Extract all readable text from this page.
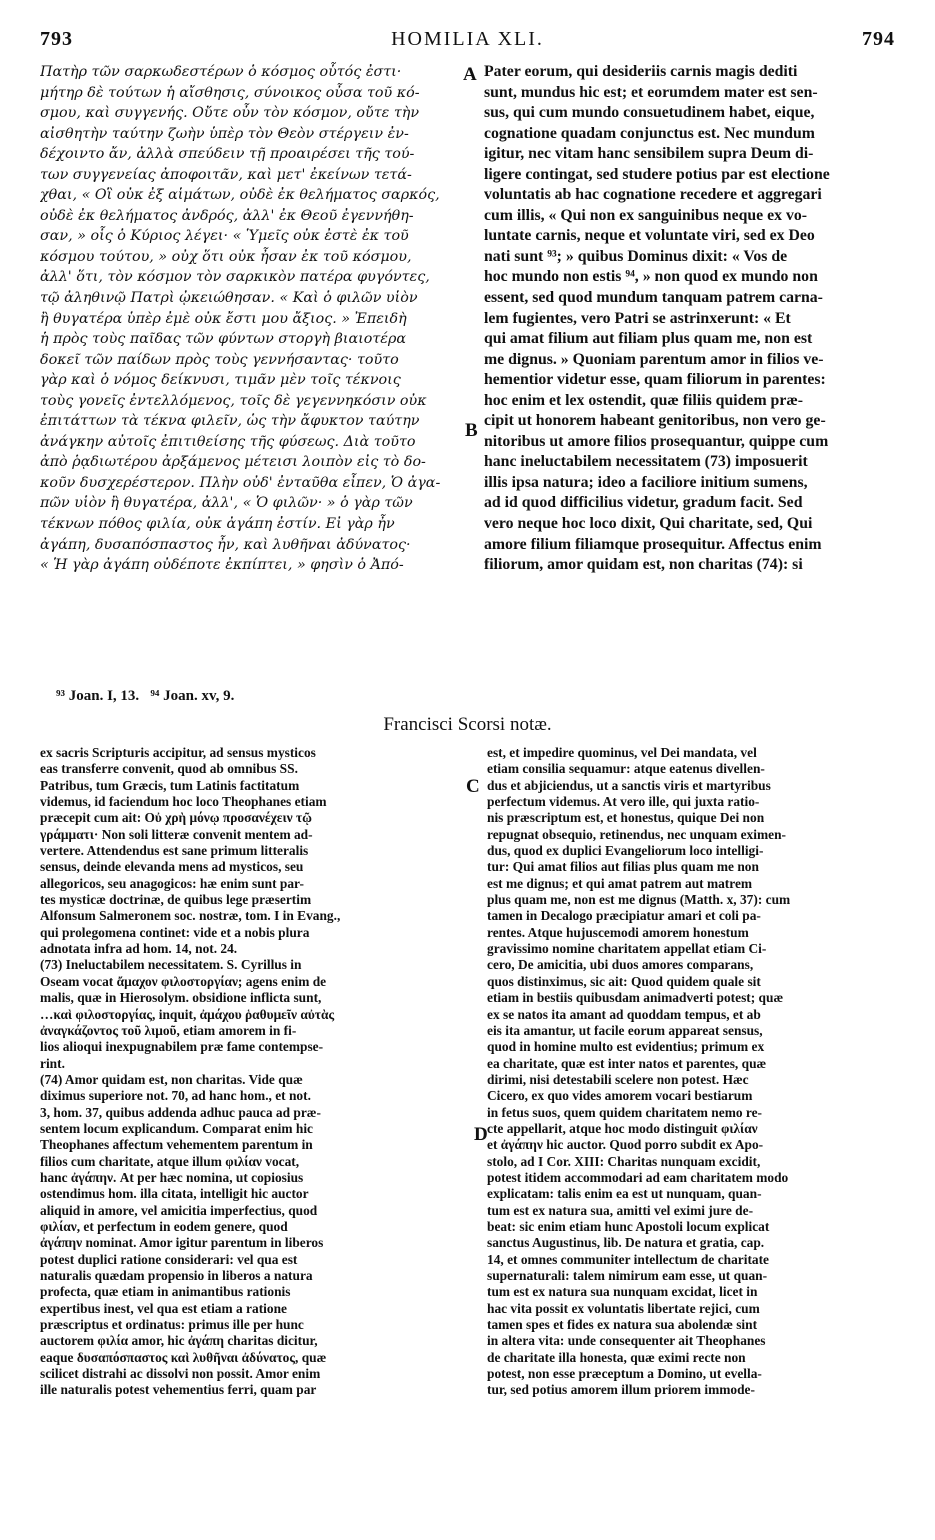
793	HOMILIA XLI.	794
Πατὴρ τῶν σαρκωδεστέρων ὁ κόσμος οὗτός ἐστι·
μήτηρ δὲ τούτων ἡ αἴσθησις, σύνοικος οὖσα τοῦ κό-
σμου, καὶ συγγενής. Οὔτε οὖν τὸν κόσμον, οὔτε τὴν
αἰσθητὴν ταύτην ζωὴν ὑπὲρ τὸν Θεὸν στέργειν ἐν-
δέχοιντο ἄν, ἀλλὰ σπεύδειν τῇ προαιρέσει τῆς τού-
των συγγενείας ἀποφοιτᾶν, καὶ μετ' ἐκείνων τετά-
χθαι, « Οἳ οὐκ ἐξ αἱμάτων, οὐδὲ ἐκ θελήματος σαρκός,
οὐδὲ ἐκ θελήματος ἀνδρός, ἀλλ' ἐκ Θεοῦ ἐγεννήθη-
σαν, » οἷς ὁ Κύριος λέγει· « Ὑμεῖς οὐκ ἐστὲ ἐκ τοῦ
κόσμου τούτου, » οὐχ ὅτι οὐκ ἦσαν ἐκ τοῦ κόσμου,
ἀλλ' ὅτι, τὸν κόσμον τὸν σαρκικὸν πατέρα φυγόντες,
τῷ ἀληθινῷ Πατρὶ ᾠκειώθησαν. « Καὶ ὁ φιλῶν υἱὸν
ἢ θυγατέρα ὑπὲρ ἐμὲ οὐκ ἔστι μου ἄξιος. » Ἐπειδὴ
ἡ πρὸς τοὺς παῖδας τῶν φύντων στοργὴ βιαιοτέρα
δοκεῖ τῶν παίδων πρὸς τοὺς γεννήσαντας· τοῦτο
γὰρ καὶ ὁ νόμος δείκνυσι, τιμᾶν μὲν τοῖς τέκνοις
τοὺς γονεῖς ἐντελλόμενος, τοῖς δὲ γεγεννηκόσιν οὐκ
ἐπιτάττων τὰ τέκνα φιλεῖν, ὡς τὴν ἄφυκτον ταύτην
ἀνάγκην αὐτοῖς ἐπιτιθείσης τῆς φύσεως. Διὰ τοῦτο
ἀπὸ ῥᾳδιωτέρου ἀρξάμενος μέτεισι λοιπὸν εἰς τὸ δο-
κοῦν δυσχερέστερον. Πλὴν οὐδ' ἐνταῦθα εἶπεν, Ὁ ἀγα-
πῶν υἱὸν ἢ θυγατέρα, ἀλλ', « Ὁ φιλῶν· » ὁ γὰρ τῶν
τέκνων πόθος φιλία, οὐκ ἀγάπη ἐστίν. Εἰ γὰρ ἦν
ἀγάπη, δυσαπόσπαστος ἦν, καὶ λυθῆναι ἀδύνατος·
« Ἡ γὰρ ἀγάπη οὐδέποτε ἐκπίπτει, » φησὶν ὁ Ἀπό-
Pater eorum, qui desideriis carnis magis dediti
sunt, mundus hic est; et eorumdem mater est sen-
sus, qui cum mundo consuetudinem habet, eique,
cognatione quadam conjunctus est. Nec mundum
igitur, nec vitam hanc sensibilem supra Deum di-
ligere contingat, sed studere potius par est electione
voluntatis ab hac cognatione recedere et aggregari
cum illis, « Qui non ex sanguinibus neque ex vo-
luntate carnis, neque et voluntate viri, sed ex Deo
nati sunt ⁹³; » quibus Dominus dixit: « Vos de
hoc mundo non estis ⁹⁴, » non quod ex mundo non
essent, sed quod mundum tanquam patrem carna-
lem fugientes, vero Patri se astrinxerunt: « Et
qui amat filium aut filiam plus quam me, non est
me dignus. » Quoniam parentum amor in filios ve-
hementior videtur esse, quam filiorum in parentes:
hoc enim et lex ostendit, quæ filiis quidem præ-
cipit ut honorem habeant genitoribus, non vero ge-
nitoribus ut amore filios prosequantur, quippe cum
hanc ineluctabilem necessitatem (73) imposuerit
illis ipsa natura; ideo a faciliore initium sumens,
ad id quod difficilius videtur, gradum facit. Sed
vero neque hoc loco dixit, Qui charitate, sed, Qui
amore filium filiamque prosequitur. Affectus enim
filiorum, amor quidam est, non charitas (74): si
A
B
C
D
⁹³ Joan. I, 13.   ⁹⁴ Joan. xv, 9.
Francisci Scorsi notæ.
ex sacris Scripturis accipitur, ad sensus mysticos
eas transferre convenit, quod ab omnibus SS.
Patribus, tum Græcis, tum Latinis factitatum
videmus, id faciendum hoc loco Theophanes etiam
præcepit cum ait: Οὐ χρὴ μόνῳ προσανέχειν τῷ
γράμματι· Non soli litteræ convenit mentem ad-
vertere. Attendendus est sane primum litteralis
sensus, deinde elevanda mens ad mysticos, seu
allegoricos, seu anagogicos: hæ enim sunt par-
tes mysticæ doctrinæ, de quibus lege præsertim
Alfonsum Salmeronem soc. nostræ, tom. I in Evang.,
qui prolegomena continet: vide et a nobis plura
adnotata infra ad hom. 14, not. 24.
(73) Ineluctabilem necessitatem. S. Cyrillus in
Oseam vocat ἄμαχον φιλοστοργίαν; agens enim de
malis, quæ in Hierosolym. obsidione inflicta sunt,
…καὶ φιλοστοργίας, inquit, ἀμάχου ῥαθυμεῖν αὐτὰς
ἀναγκάζοντος τοῦ λιμοῦ, etiam amorem in fi-
lios alioqui inexpugnabilem præ fame contempse-
rint.
(74) Amor quidam est, non charitas. Vide quæ
diximus superiore not. 70, ad hanc hom., et not.
3, hom. 37, quibus addenda adhuc pauca ad præ-
sentem locum explicandum. Comparat enim hic
Theophanes affectum vehementem parentum in
filios cum charitate, atque illum φιλίαν vocat,
hanc ἀγάπην. At per hæc nomina, ut copiosius
ostendimus hom. illa citata, intelligit hic auctor
aliquid in amore, vel amicitia imperfectius, quod
φιλίαν, et perfectum in eodem genere, quod
ἀγάπην nominat. Amor igitur parentum in liberos
potest duplici ratione considerari: vel qua est
naturalis quædam propensio in liberos a natura
profecta, quæ etiam in animantibus rationis
expertibus inest, vel qua est etiam a ratione
præscriptus et ordinatus: primus ille per hunc
auctorem φιλία amor, hic ἀγάπη charitas dicitur,
eaque δυσαπόσπαστος καὶ λυθῆναι ἀδύνατος, quæ
scilicet distrahi ac dissolvi non possit. Amor enim
ille naturalis potest vehementius ferri, quam par
est, et impedire quominus, vel Dei mandata, vel
etiam consilia sequamur: atque eatenus divellen-
dus et abjiciendus, ut a sanctis viris et martyribus
perfectum videmus. At vero ille, qui juxta ratio-
nis præscriptum est, et honestus, quique Dei non
repugnat obsequio, retinendus, nec unquam eximen-
dus, quod ex duplici Evangeliorum loco intelligi-
tur: Qui amat filios aut filias plus quam me non
est me dignus; et qui amat patrem aut matrem
plus quam me, non est me dignus (Matth. x, 37): cum
tamen in Decalogo præcipiatur amari et coli pa-
rentes. Atque hujuscemodi amorem honestum
gravissimo nomine charitatem appellat etiam Ci-
cero, De amicitia, ubi duos amores comparans,
quos distinximus, sic ait: Quod quidem quale sit
etiam in bestiis quibusdam animadverti potest; quæ
ex se natos ita amant ad quoddam tempus, et ab
eis ita amantur, ut facile eorum appareat sensus,
quod in homine multo est evidentius; primum ex
ea charitate, quæ est inter natos et parentes, quæ
dirimi, nisi detestabili scelere non potest. Hæc
Cicero, ex quo vides amorem vocari bestiarum
in fetus suos, quem quidem charitatem nemo re-
cte appellarit, atque hoc modo distinguit φιλίαν
et ἀγάπην hic auctor. Quod porro subdit ex Apo-
stolo, ad I Cor. XIII: Charitas nunquam excidit,
potest itidem accommodari ad eam charitatem modo
explicatam: talis enim ea est ut nunquam, quan-
tum est ex natura sua, amitti vel eximi jure de-
beat: sic enim etiam hunc Apostoli locum explicat
sanctus Augustinus, lib. De natura et gratia, cap.
14, et omnes communiter intellectum de charitate
supernaturali: talem nimirum eam esse, ut quan-
tum est ex natura sua nunquam excidat, licet in
hac vita possit ex voluntatis libertate rejici, cum
tamen spes et fides ex natura sua abolendæ sint
in altera vita: unde consequenter ait Theophanes
de charitate illa honesta, quæ eximi recte non
potest, non esse præceptum a Domino, ut evella-
tur, sed potius amorem illum priorem immode-
